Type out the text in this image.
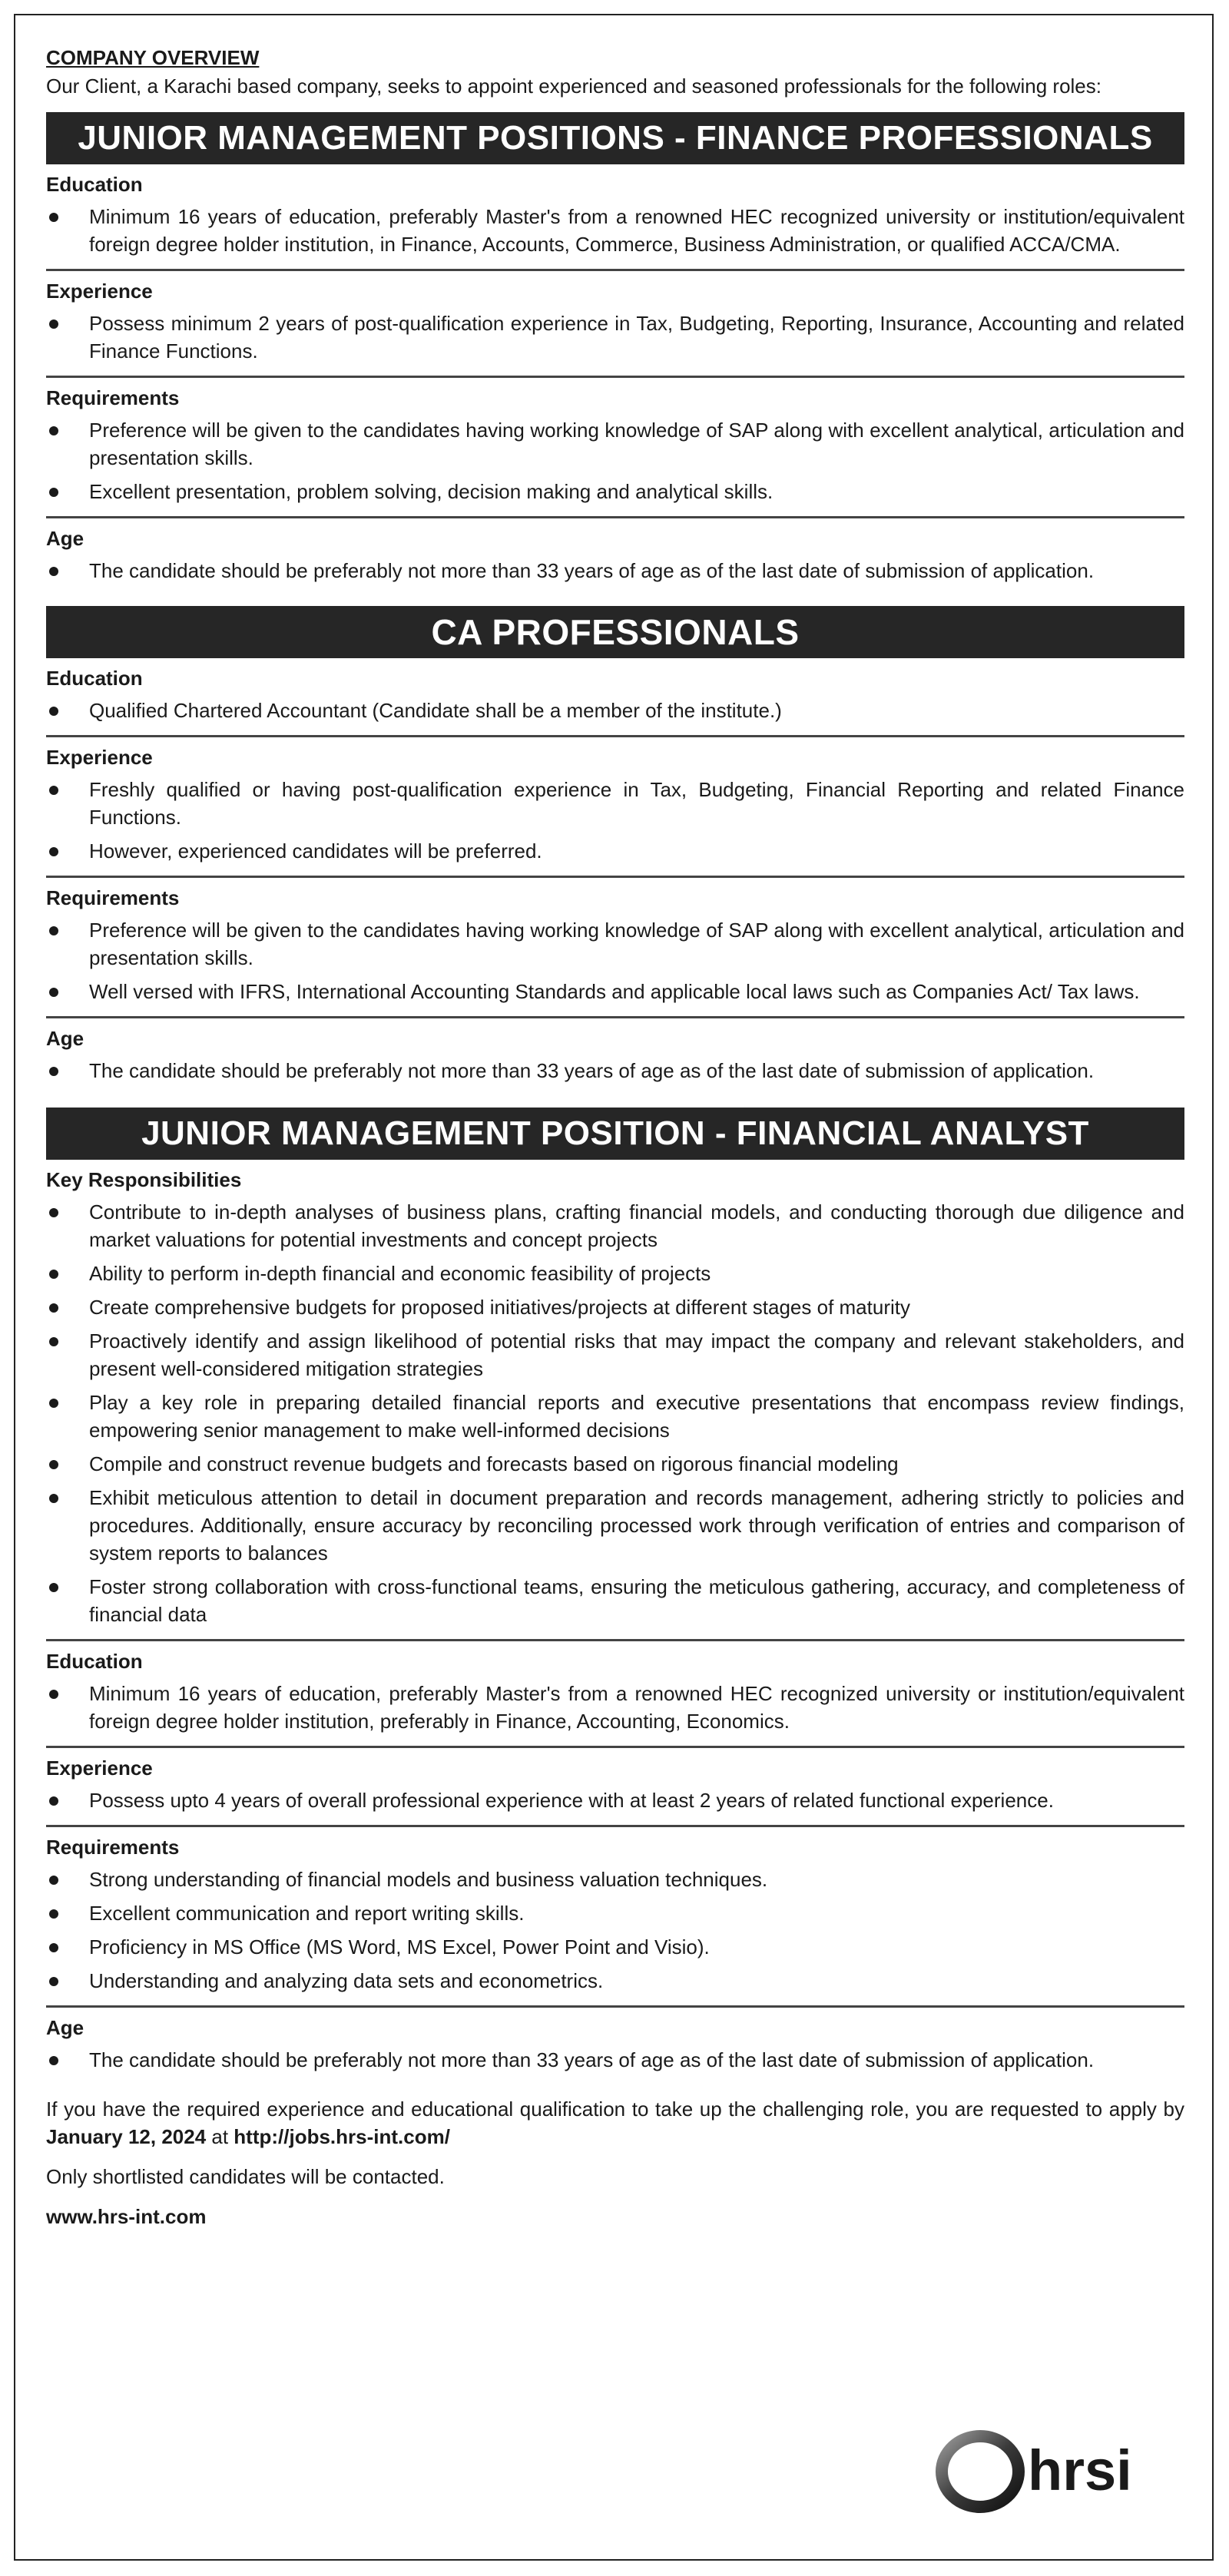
COMPANY OVERVIEW
Our Client, a Karachi based company, seeks to appoint experienced and seasoned professionals for the following roles:
JUNIOR MANAGEMENT POSITIONS - FINANCE PROFESSIONALS
Education
Minimum 16 years of education, preferably Master's from a renowned HEC recognized university or institution/equivalent foreign degree holder institution, in Finance, Accounts, Commerce, Business Administration, or qualified ACCA/CMA.
Experience
Possess minimum 2 years of post-qualification experience in Tax, Budgeting, Reporting, Insurance, Accounting and related Finance Functions.
Requirements
Preference will be given to the candidates having working knowledge of SAP along with excellent analytical, articulation and presentation skills.
Excellent presentation, problem solving, decision making and analytical skills.
Age
The candidate should be preferably not more than 33 years of age as of the last date of submission of application.
CA PROFESSIONALS
Education
Qualified Chartered Accountant (Candidate shall be a member of the institute.)
Experience
Freshly qualified or having post-qualification experience in Tax, Budgeting, Financial Reporting and related Finance Functions.
However, experienced candidates will be preferred.
Requirements
Preference will be given to the candidates having working knowledge of SAP along with excellent analytical, articulation and presentation skills.
Well versed with IFRS, International Accounting Standards and applicable local laws such as Companies Act/ Tax laws.
Age
The candidate should be preferably not more than 33 years of age as of the last date of submission of application.
JUNIOR MANAGEMENT POSITION - FINANCIAL ANALYST
Key Responsibilities
Contribute to in-depth analyses of business plans, crafting financial models, and conducting thorough due diligence and market valuations for potential investments and concept projects
Ability to perform in-depth financial and economic feasibility of projects
Create comprehensive budgets for proposed initiatives/projects at different stages of maturity
Proactively identify and assign likelihood of potential risks that may impact the company and relevant stakeholders, and present well-considered mitigation strategies
Play a key role in preparing detailed financial reports and executive presentations that encompass review findings, empowering senior management to make well-informed decisions
Compile and construct revenue budgets and forecasts based on rigorous financial modeling
Exhibit meticulous attention to detail in document preparation and records management, adhering strictly to policies and procedures. Additionally, ensure accuracy by reconciling processed work through verification of entries and comparison of system reports to balances
Foster strong collaboration with cross-functional teams, ensuring the meticulous gathering, accuracy, and completeness of financial data
Education
Minimum 16 years of education, preferably Master's from a renowned HEC recognized university or institution/equivalent foreign degree holder institution, preferably in Finance, Accounting, Economics.
Experience
Possess upto 4 years of overall professional experience with at least 2 years of related functional experience.
Requirements
Strong understanding of financial models and business valuation techniques.
Excellent communication and report writing skills.
Proficiency in MS Office (MS Word, MS Excel, Power Point and Visio).
Understanding and analyzing data sets and econometrics.
Age
The candidate should be preferably not more than 33 years of age as of the last date of submission of application.
If you have the required experience and educational qualification to take up the challenging role, you are requested to apply by January 12, 2024 at http://jobs.hrs-int.com/
Only shortlisted candidates will be contacted.
www.hrs-int.com
hrsi
